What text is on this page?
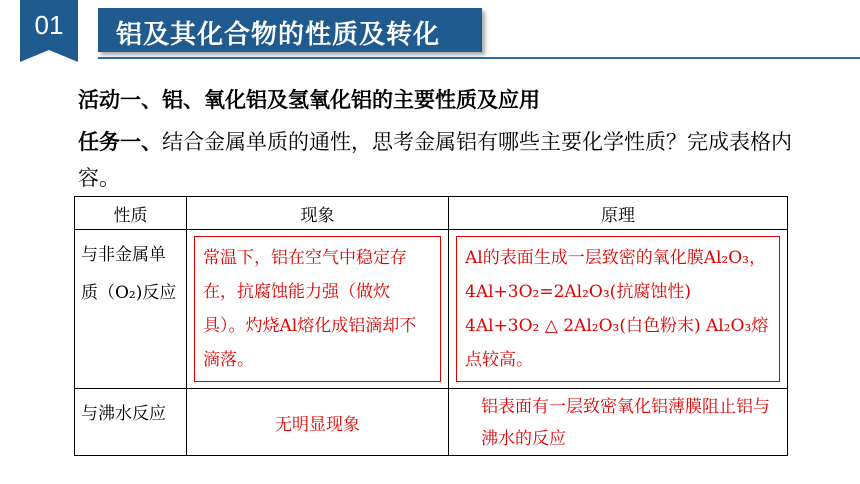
01	铝及其化合物的性质及转化
活动一、铝、氧化铝及氢氧化铝的主要性质及应用
任务一、结合金属单质的通性，思考金属铝有哪些主要化学性质？完成表格内容。
性质	现象	原理
与非金属单质（O₂)反应	常温下，铝在空气中稳定存在，抗腐蚀能力强（做炊具）。灼烧Al熔化成铝滴却不滴落。	Al的表面生成一层致密的氧化膜Al₂O₃，4Al+3O₂=2Al₂O₃(抗腐蚀性)　4Al+3O₂ △ 2Al₂O₃(白色粉末) Al₂O₃熔点较高。

与沸水反应	无明显现象	铝表面有一层致密氧化铝薄膜阻止铝与沸水的反应
